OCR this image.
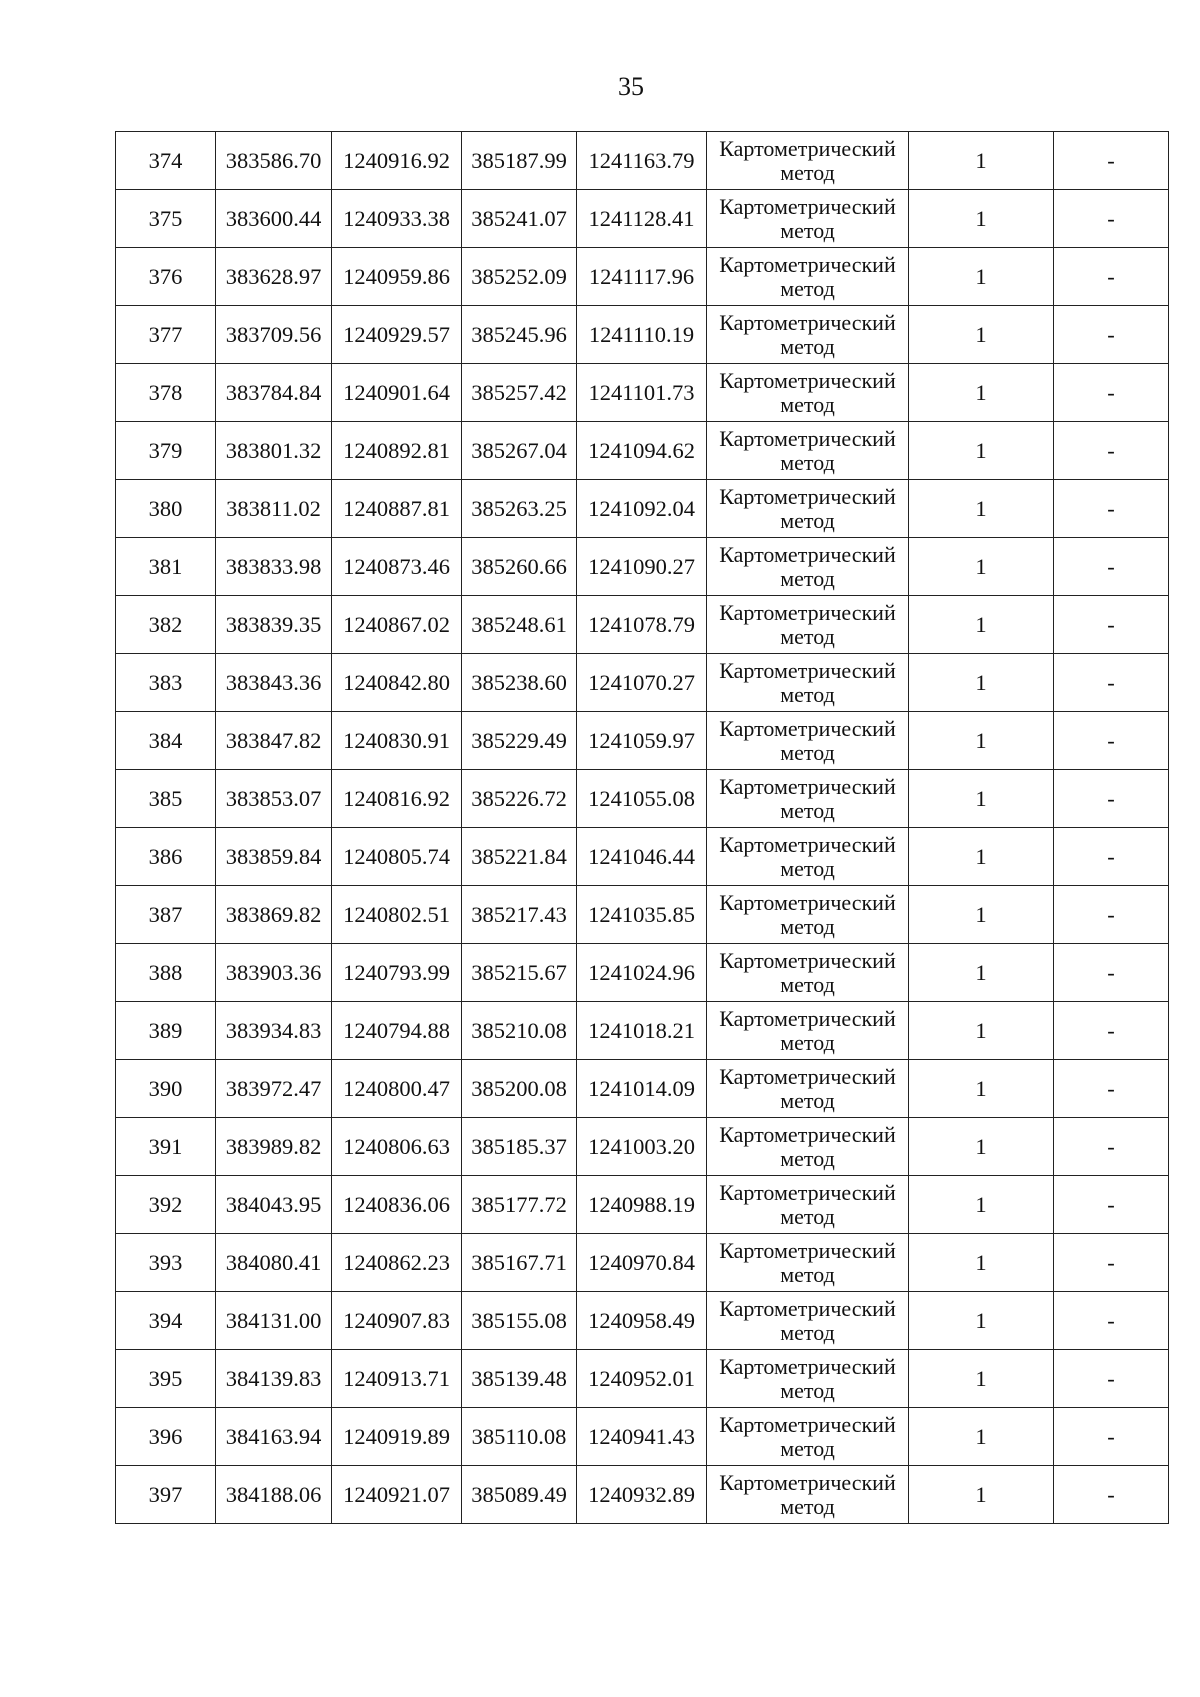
35
374	383586.70	1240916.92	385187.99	1241163.79	Картометрический метод	1	-
375	383600.44	1240933.38	385241.07	1241128.41	Картометрический метод	1	-
376	383628.97	1240959.86	385252.09	1241117.96	Картометрический метод	1	-
377	383709.56	1240929.57	385245.96	1241110.19	Картометрический метод	1	-
378	383784.84	1240901.64	385257.42	1241101.73	Картометрический метод	1	-
379	383801.32	1240892.81	385267.04	1241094.62	Картометрический метод	1	-
380	383811.02	1240887.81	385263.25	1241092.04	Картометрический метод	1	-
381	383833.98	1240873.46	385260.66	1241090.27	Картометрический метод	1	-
382	383839.35	1240867.02	385248.61	1241078.79	Картометрический метод	1	-
383	383843.36	1240842.80	385238.60	1241070.27	Картометрический метод	1	-
384	383847.82	1240830.91	385229.49	1241059.97	Картометрический метод	1	-
385	383853.07	1240816.92	385226.72	1241055.08	Картометрический метод	1	-
386	383859.84	1240805.74	385221.84	1241046.44	Картометрический метод	1	-
387	383869.82	1240802.51	385217.43	1241035.85	Картометрический метод	1	-
388	383903.36	1240793.99	385215.67	1241024.96	Картометрический метод	1	-
389	383934.83	1240794.88	385210.08	1241018.21	Картометрический метод	1	-
390	383972.47	1240800.47	385200.08	1241014.09	Картометрический метод	1	-
391	383989.82	1240806.63	385185.37	1241003.20	Картометрический метод	1	-
392	384043.95	1240836.06	385177.72	1240988.19	Картометрический метод	1	-
393	384080.41	1240862.23	385167.71	1240970.84	Картометрический метод	1	-
394	384131.00	1240907.83	385155.08	1240958.49	Картометрический метод	1	-
395	384139.83	1240913.71	385139.48	1240952.01	Картометрический метод	1	-
396	384163.94	1240919.89	385110.08	1240941.43	Картометрический метод	1	-
397	384188.06	1240921.07	385089.49	1240932.89	Картометрический метод	1	-
